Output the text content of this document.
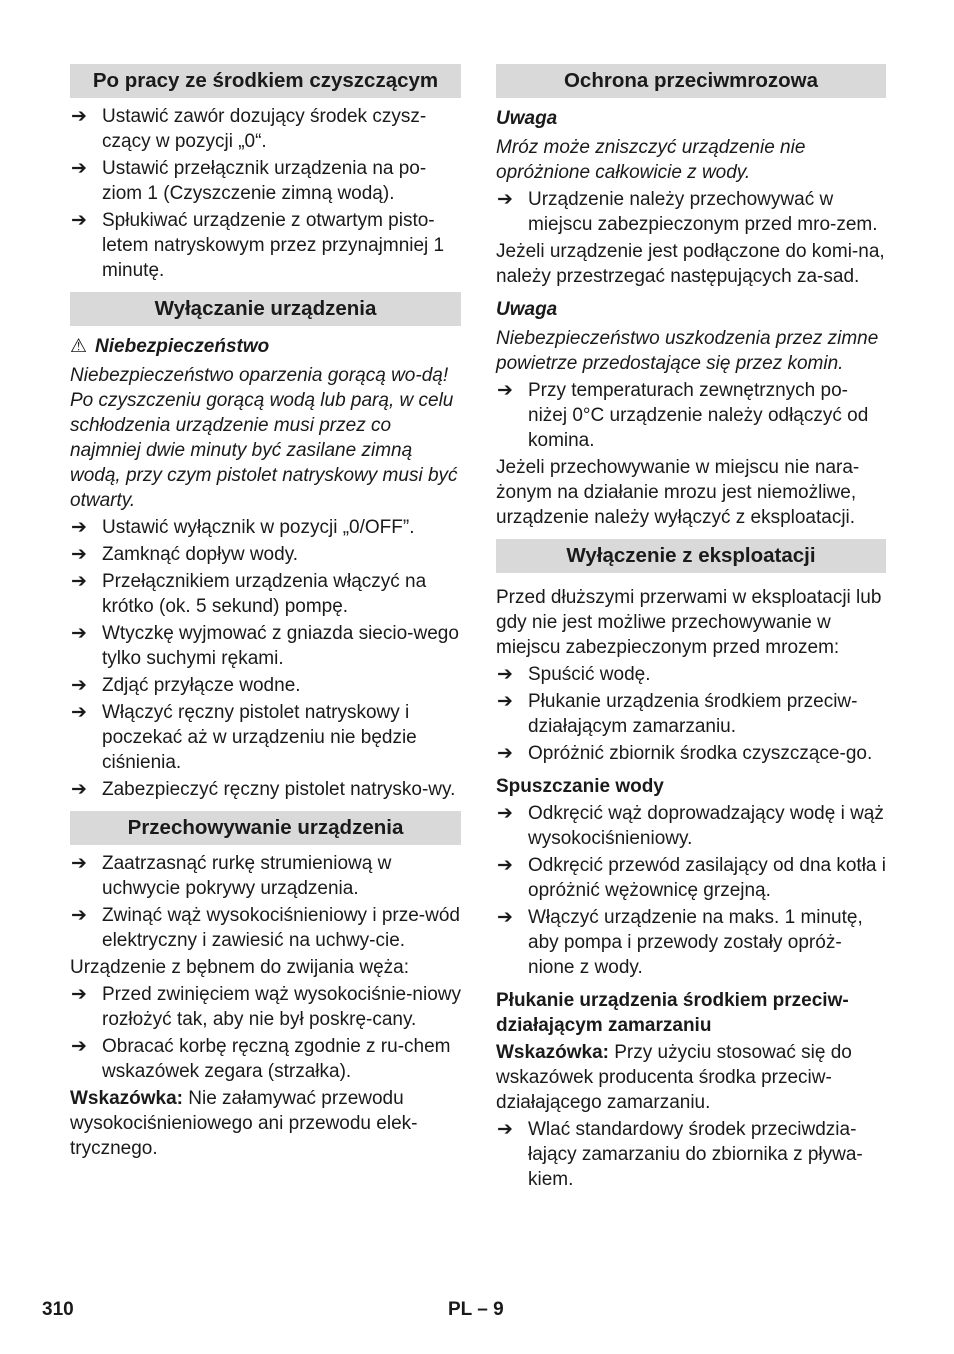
Po pracy ze środkiem czyszczącym
➔ Ustawić zawór dozujący środek czysz-czący w pozycji „0“.
➔ Ustawić przełącznik urządzenia na po-ziom 1 (Czyszczenie zimną wodą).
➔ Spłukiwać urządzenie z otwartym pisto-letem natryskowym przez przynajmniej 1 minutę.
Wyłączanie urządzenia
⚠ Niebezpieczeństwo

Niebezpieczeństwo oparzenia gorącą wo-dą! Po czyszczeniu gorącą wodą lub parą, w celu schłodzenia urządzenie musi przez co najmniej dwie minuty być zasilane zimną wodą, przy czym pistolet natryskowy musi być otwarty.

➔ Ustawić wyłącznik w pozycji „0/OFF”.
➔ Zamknąć dopływ wody.
➔ Przełącznikiem urządzenia włączyć na krótko (ok. 5 sekund) pompę.
➔ Wtyczkę wyjmować z gniazda siecio-wego tylko suchymi rękami.
➔ Zdjąć przyłącze wodne.
➔ Włączyć ręczny pistolet natryskowy i poczekać aż w urządzeniu nie będzie ciśnienia.
➔ Zabezpieczyć ręczny pistolet natrysko-wy.
Przechowywanie urządzenia
➔ Zaatrzasnąć rurkę strumieniową w uchwycie pokrywy urządzenia.
➔ Zwinąć wąż wysokociśnieniowy i prze-wód elektryczny i zawiesić na uchwy-cie.

Urządzenie z bębnem do zwijania węża:

➔ Przed zwinięciem wąż wysokociśnie-niowy rozłożyć tak, aby nie był poskrę-cany.
➔ Obracać korbę ręczną zgodnie z ru-chem wskazówek zegara (strzałka).

Wskazówka: Nie załamywać przewodu wysokociśnieniowego ani przewodu elek-trycznego.

Ochrona przeciwmrozowa
Uwaga

Mróz może zniszczyć urządzenie nie opróżnione całkowicie z wody.

➔ Urządzenie należy przechowywać w miejscu zabezpieczonym przed mro-zem.

Jeżeli urządzenie jest podłączone do komi-na, należy przestrzegać następujących za-sad.

Uwaga

Niebezpieczeństwo uszkodzenia przez zimne powietrze przedostające się przez komin.

➔ Przy temperaturach zewnętrznych po-niżej 0°C urządzenie należy odłączyć od komina.

Jeżeli przechowywanie w miejscu nie nara-żonym na działanie mrozu jest niemożliwe, urządzenie należy wyłączyć z eksploatacji.

Wyłączenie z eksploatacji

Przed dłuższymi przerwami w eksploatacji lub gdy nie jest możliwe przechowywanie w miejscu zabezpieczonym przed mrozem:

➔ Spuścić wodę.
➔ Płukanie urządzenia środkiem przeciw-działającym zamarzaniu.
➔ Opróżnić zbiornik środka czyszczące-go.
Spuszczanie wody
➔ Odkręcić wąż doprowadzający wodę i wąż wysokociśnieniowy.
➔ Odkręcić przewód zasilający od dna kotła i opróżnić wężownicę grzejną.
➔ Włączyć urządzenie na maks. 1 minutę, aby pompa i przewody zostały opróż-nione z wody.
Płukanie urządzenia środkiem przeciw-działającym zamarzaniu

Wskazówka: Przy użyciu stosować się do wskazówek producenta środka przeciw-działającego zamarzaniu.

➔ Wlać standardowy środek przeciwdzia-łający zamarzaniu do zbiornika z pływa-kiem.
310	PL – 9
